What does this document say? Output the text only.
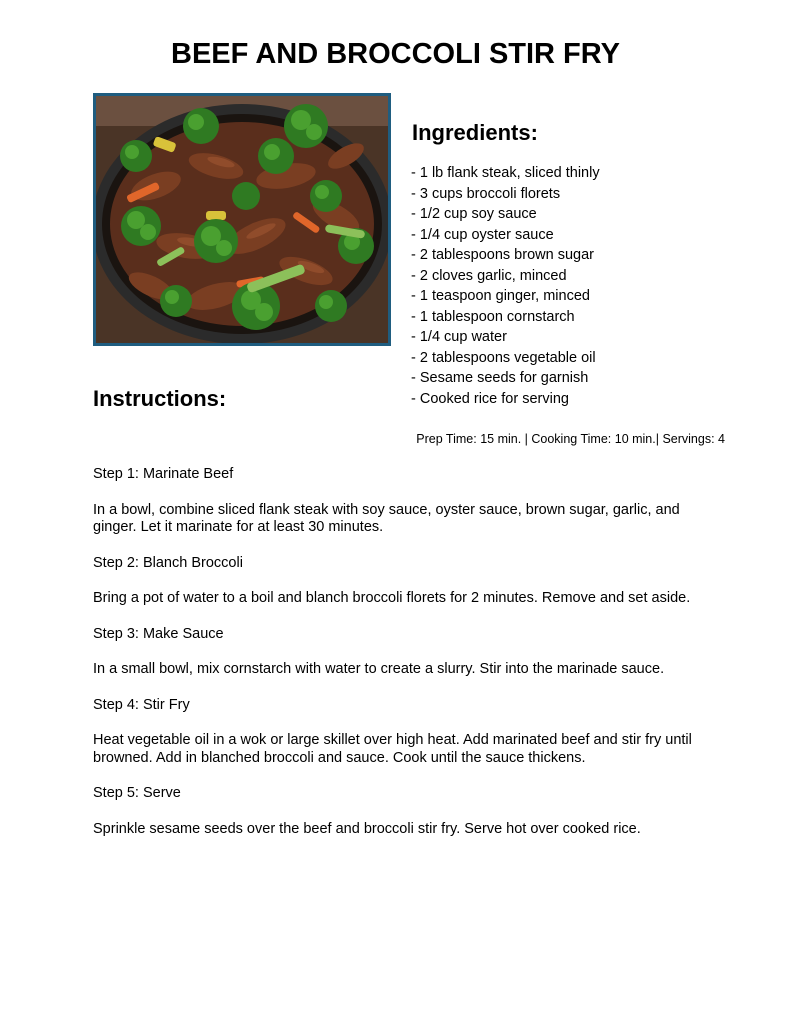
BEEF AND BROCCOLI STIR FRY
Ingredients:
- 1 lb flank steak, sliced thinly
- 3 cups broccoli florets
- 1/2 cup soy sauce
- 1/4 cup oyster sauce
- 2 tablespoons brown sugar
- 2 cloves garlic, minced
- 1 teaspoon ginger, minced
- 1 tablespoon cornstarch
- 1/4 cup water
- 2 tablespoons vegetable oil
- Sesame seeds for garnish
- Cooked rice for serving
Instructions:

Prep Time: 15 min. | Cooking Time: 10 min.| Servings: 4

Step 1: Marinate Beef

In a bowl, combine sliced flank steak with soy sauce, oyster sauce, brown sugar, garlic, and ginger. Let it marinate for at least 30 minutes.

Step 2: Blanch Broccoli

Bring a pot of water to a boil and blanch broccoli florets for 2 minutes. Remove and set aside.

Step 3: Make Sauce

In a small bowl, mix cornstarch with water to create a slurry. Stir into the marinade sauce.

Step 4: Stir Fry

Heat vegetable oil in a wok or large skillet over high heat. Add marinated beef and stir fry until browned. Add in blanched broccoli and sauce. Cook until the sauce thickens.

Step 5: Serve

Sprinkle sesame seeds over the beef and broccoli stir fry. Serve hot over cooked rice.
